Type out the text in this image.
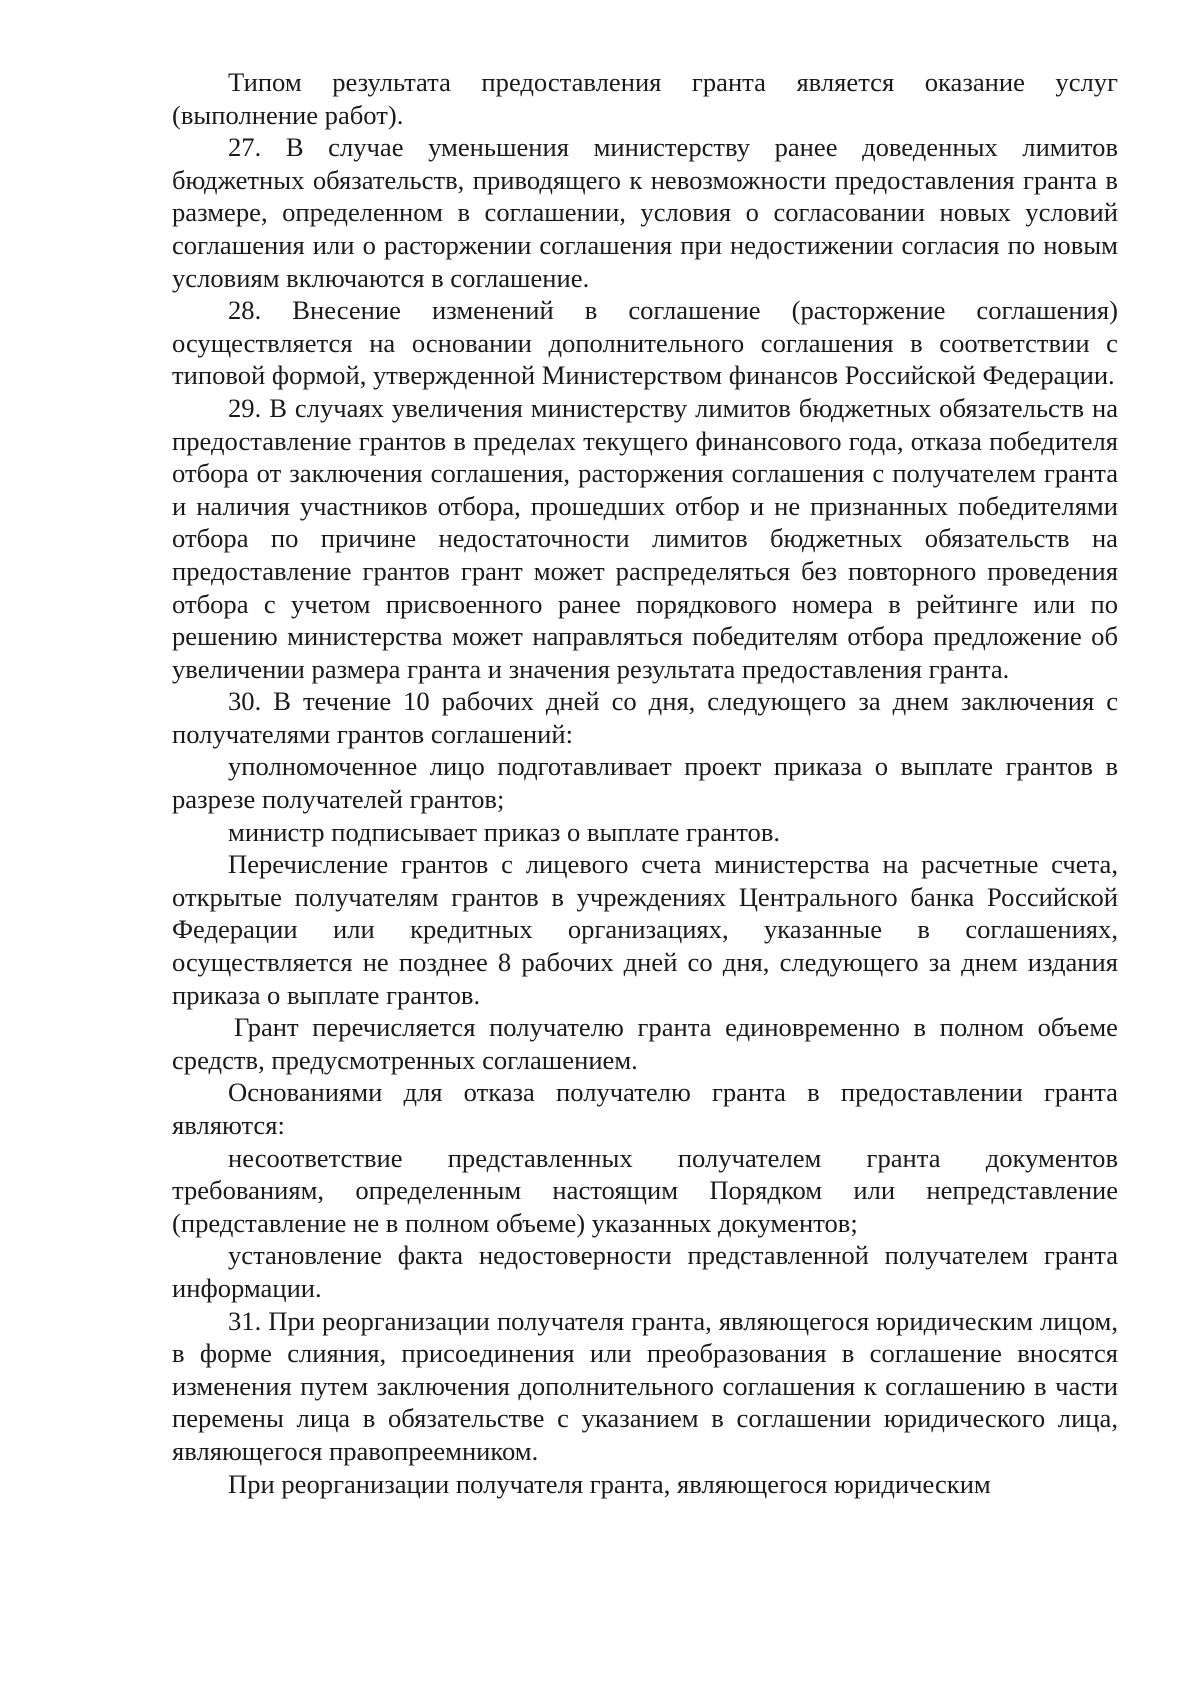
Типом результата предоставления гранта является оказание услуг (выполнение работ).

27. В случае уменьшения министерству ранее доведенных лимитов бюджетных обязательств, приводящего к невозможности предоставления гранта в размере, определенном в соглашении, условия о согласовании новых условий соглашения или о расторжении соглашения при недостижении согласия по новым условиям включаются в соглашение.

28. Внесение изменений в соглашение (расторжение соглашения) осуществляется на основании дополнительного соглашения в соответствии с типовой формой, утвержденной Министерством финансов Российской Федерации.

29. В случаях увеличения министерству лимитов бюджетных обязательств на предоставление грантов в пределах текущего финансового года, отказа победителя отбора от заключения соглашения, расторжения соглашения с получателем гранта и наличия участников отбора, прошедших отбор и не признанных победителями отбора по причине недостаточности лимитов бюджетных обязательств на предоставление грантов грант может распределяться без повторного проведения отбора с учетом присвоенного ранее порядкового номера в рейтинге или по решению министерства может направляться победителям отбора предложение об увеличении размера гранта и значения результата предоставления гранта.

30. В течение 10 рабочих дней со дня, следующего за днем заключения с получателями грантов соглашений:

уполномоченное лицо подготавливает проект приказа о выплате грантов в разрезе получателей грантов;

министр подписывает приказ о выплате грантов.

Перечисление грантов с лицевого счета министерства на расчетные счета, открытые получателям грантов в учреждениях Центрального банка Российской Федерации или кредитных организациях, указанные в соглашениях, осуществляется не позднее 8 рабочих дней со дня, следующего за днем издания приказа о выплате грантов.

Грант перечисляется получателю гранта единовременно в полном объеме средств, предусмотренных соглашением.

Основаниями для отказа получателю гранта в предоставлении гранта являются:

несоответствие представленных получателем гранта документов требованиям, определенным настоящим Порядком или непредставление (представление не в полном объеме) указанных документов;

установление факта недостоверности представленной получателем гранта информации.

31. При реорганизации получателя гранта, являющегося юридическим лицом, в форме слияния, присоединения или преобразования в соглашение вносятся изменения путем заключения дополнительного соглашения к соглашению в части перемены лица в обязательстве с указанием в соглашении юридического лица, являющегося правопреемником.

При реорганизации получателя гранта, являющегося юридическим
